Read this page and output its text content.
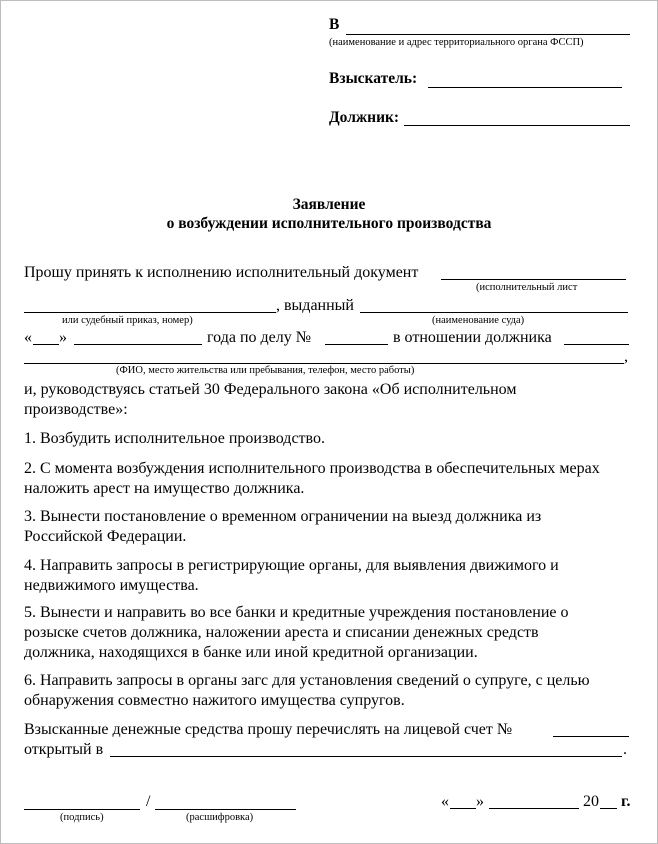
В
(наименование и адрес территориального органа ФССП)
Взыскатель:
Должник:
Заявление
о возбуждении исполнительного производства
Прошу принять к исполнению исполнительный документ
(исполнительный лист
, выданный
или судебный приказ, номер)	(наименование суда)
« »	года по делу №	в отношении должника
,
(ФИО, место жительства или пребывания, телефон, место работы)
и, руководствуясь статьей 30 Федерального закона «Об исполнительном
производстве»:
1. Возбудить исполнительное производство.
2. С момента возбуждения исполнительного производства в обеспечительных мерах
наложить арест на имущество должника.
3. Вынести постановление о временном ограничении на выезд должника из
Российской Федерации.
4. Направить запросы в регистрирующие органы, для выявления движимого и
недвижимого имущества.
5. Вынести и направить во все банки и кредитные учреждения постановление о
розыске счетов должника, наложении ареста и списании денежных средств
должника, находящихся в банке или иной кредитной организации.
6. Направить запросы в органы загс для установления сведений о супруге, с целью
обнаружения совместно нажитого имущества супругов.
Взысканные денежные средства прошу перечислять на лицевой счет №
открытый в	.
/
(подпись)	(расшифровка)
« »	20 г.
